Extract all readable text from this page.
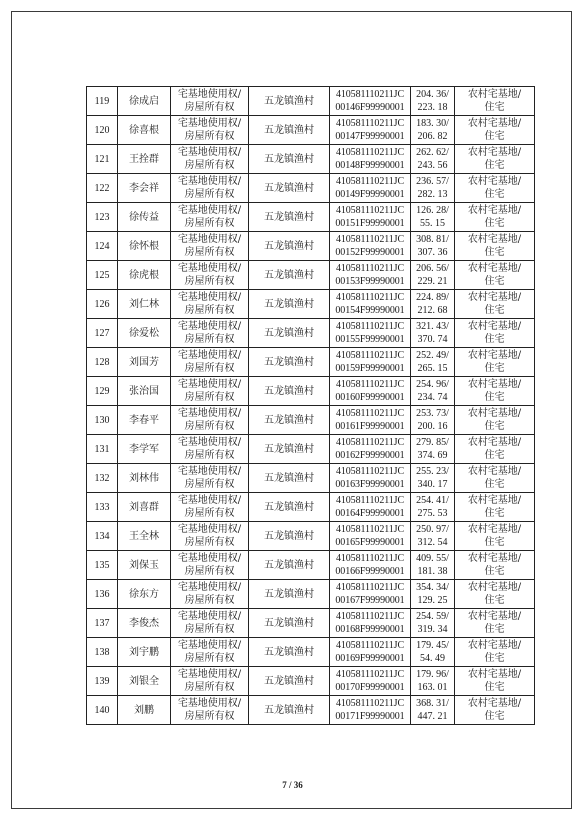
119	徐成启	宅基地使用权/
房屋所有权	五龙镇渔村	410581110211JC
00146F99990001	204. 36/
223. 18	农村宅基地/
住宅

120	徐喜根	宅基地使用权/
房屋所有权	五龙镇渔村	410581110211JC
00147F99990001	183. 30/
206. 82	农村宅基地/
住宅

121	王拴群	宅基地使用权/
房屋所有权	五龙镇渔村	410581110211JC
00148F99990001	262. 62/
243. 56	农村宅基地/
住宅

122	李会祥	宅基地使用权/
房屋所有权	五龙镇渔村	410581110211JC
00149F99990001	236. 57/
282. 13	农村宅基地/
住宅

123	徐传益	宅基地使用权/
房屋所有权	五龙镇渔村	410581110211JC
00151F99990001	126. 28/
55. 15	农村宅基地/
住宅

124	徐怀根	宅基地使用权/
房屋所有权	五龙镇渔村	410581110211JC
00152F99990001	308. 81/
307. 36	农村宅基地/
住宅

125	徐虎根	宅基地使用权/
房屋所有权	五龙镇渔村	410581110211JC
00153F99990001	206. 56/
229. 21	农村宅基地/
住宅

126	刘仁林	宅基地使用权/
房屋所有权	五龙镇渔村	410581110211JC
00154F99990001	224. 89/
212. 68	农村宅基地/
住宅

127	徐爱松	宅基地使用权/
房屋所有权	五龙镇渔村	410581110211JC
00155F99990001	321. 43/
370. 74	农村宅基地/
住宅

128	刘国芳	宅基地使用权/
房屋所有权	五龙镇渔村	410581110211JC
00159F99990001	252. 49/
265. 15	农村宅基地/
住宅

129	张治国	宅基地使用权/
房屋所有权	五龙镇渔村	410581110211JC
00160F99990001	254. 96/
234. 74	农村宅基地/
住宅

130	李春平	宅基地使用权/
房屋所有权	五龙镇渔村	410581110211JC
00161F99990001	253. 73/
200. 16	农村宅基地/
住宅

131	李学军	宅基地使用权/
房屋所有权	五龙镇渔村	410581110211JC
00162F99990001	279. 85/
374. 69	农村宅基地/
住宅

132	刘林伟	宅基地使用权/
房屋所有权	五龙镇渔村	410581110211JC
00163F99990001	255. 23/
340. 17	农村宅基地/
住宅

133	刘喜群	宅基地使用权/
房屋所有权	五龙镇渔村	410581110211JC
00164F99990001	254. 41/
275. 53	农村宅基地/
住宅

134	王全林	宅基地使用权/
房屋所有权	五龙镇渔村	410581110211JC
00165F99990001	250. 97/
312. 54	农村宅基地/
住宅

135	刘保玉	宅基地使用权/
房屋所有权	五龙镇渔村	410581110211JC
00166F99990001	409. 55/
181. 38	农村宅基地/
住宅

136	徐东方	宅基地使用权/
房屋所有权	五龙镇渔村	410581110211JC
00167F99990001	354. 34/
129. 25	农村宅基地/
住宅

137	李俊杰	宅基地使用权/
房屋所有权	五龙镇渔村	410581110211JC
00168F99990001	254. 59/
319. 34	农村宅基地/
住宅

138	刘宇鹏	宅基地使用权/
房屋所有权	五龙镇渔村	410581110211JC
00169F99990001	179. 45/
54. 49	农村宅基地/
住宅

139	刘银全	宅基地使用权/
房屋所有权	五龙镇渔村	410581110211JC
00170F99990001	179. 96/
163. 01	农村宅基地/
住宅

140	刘鹏	宅基地使用权/
房屋所有权	五龙镇渔村	410581110211JC
00171F99990001	368. 31/
447. 21	农村宅基地/
住宅
7 / 36
